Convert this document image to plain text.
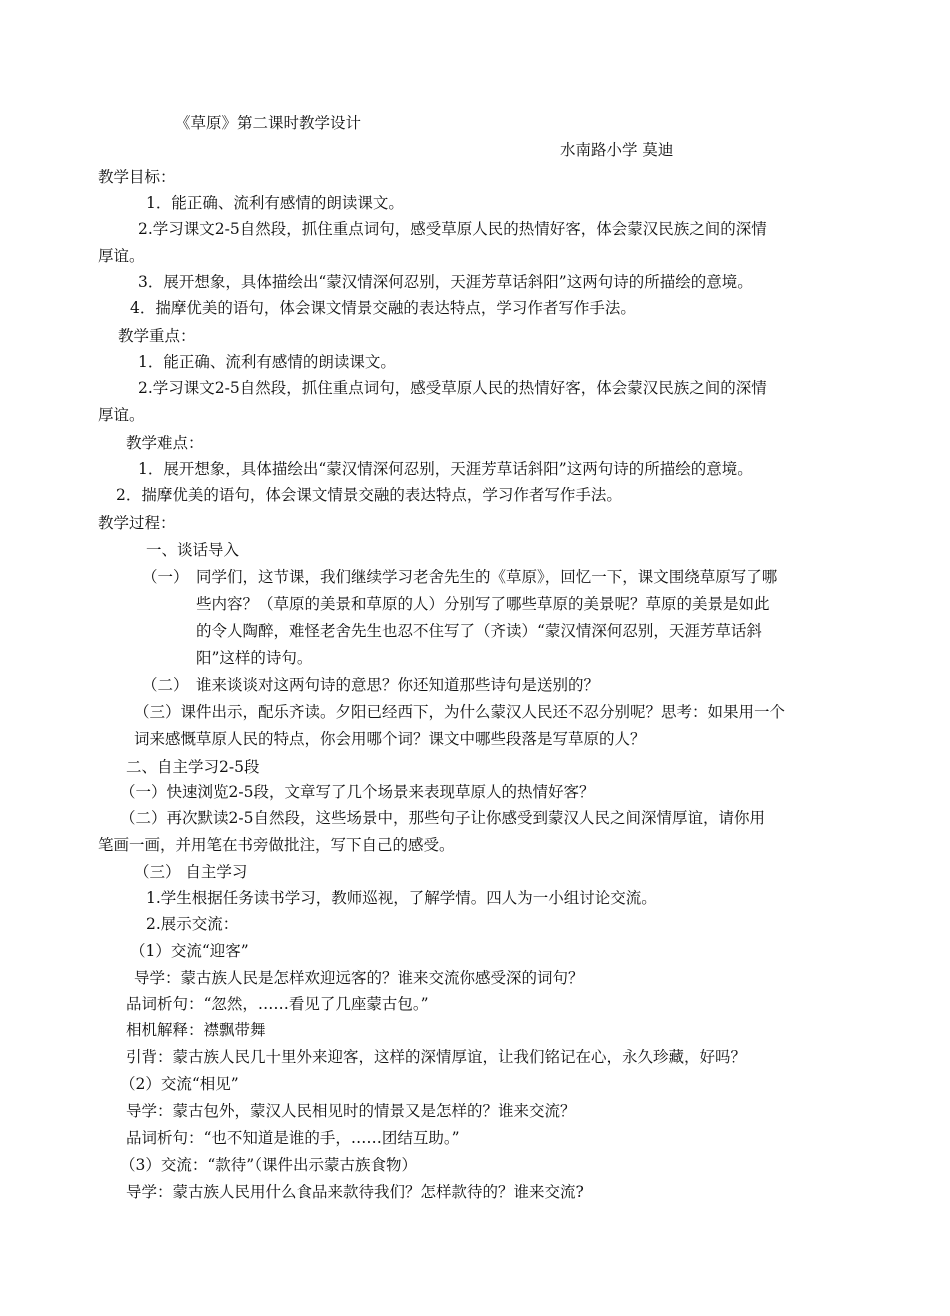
《草原》第二课时教学设计
水南路小学 莫迪
教学目标：
1．能正确、流利有感情的朗读课文。
2.学习课文2-5自然段，抓住重点词句，感受草原人民的热情好客，体会蒙汉民族之间的深情
厚谊。
3．展开想象，具体描绘出“蒙汉情深何忍别，天涯芳草话斜阳”这两句诗的所描绘的意境。
4．揣摩优美的语句，体会课文情景交融的表达特点，学习作者写作手法。
教学重点：
1．能正确、流利有感情的朗读课文。
2.学习课文2-5自然段，抓住重点词句，感受草原人民的热情好客，体会蒙汉民族之间的深情
厚谊。
教学难点：
1．展开想象，具体描绘出“蒙汉情深何忍别，天涯芳草话斜阳”这两句诗的所描绘的意境。
2．揣摩优美的语句，体会课文情景交融的表达特点，学习作者写作手法。
教学过程：
一、谈话导入
（一） 同学们，这节课，我们继续学习老舍先生的《草原》，回忆一下，课文围绕草原写了哪
些内容？（草原的美景和草原的人）分别写了哪些草原的美景呢？草原的美景是如此
的令人陶醉，难怪老舍先生也忍不住写了（齐读）“蒙汉情深何忍别，天涯芳草话斜
阳”这样的诗句。
（二） 谁来谈谈对这两句诗的意思？你还知道那些诗句是送别的？
（三）课件出示，配乐齐读。夕阳已经西下，为什么蒙汉人民还不忍分别呢？思考：如果用一个
词来感慨草原人民的特点，你会用哪个词？课文中哪些段落是写草原的人？
二、自主学习2-5段
（一）快速浏览2-5段，文章写了几个场景来表现草原人的热情好客？
（二）再次默读2-5自然段，这些场景中，那些句子让你感受到蒙汉人民之间深情厚谊，请你用
笔画一画，并用笔在书旁做批注，写下自己的感受。
（三） 自主学习
1.学生根据任务读书学习，教师巡视，了解学情。四人为一小组讨论交流。
2.展示交流：
（1）交流“迎客”
导学：蒙古族人民是怎样欢迎远客的？谁来交流你感受深的词句？
品词析句：“忽然，……看见了几座蒙古包。”
相机解释：襟飘带舞
引背：蒙古族人民几十里外来迎客，这样的深情厚谊，让我们铭记在心，永久珍藏，好吗？
（2）交流“相见”
导学：蒙古包外，蒙汉人民相见时的情景又是怎样的？谁来交流？
品词析句：“也不知道是谁的手，……团结互助。”
（3）交流：“款待”（课件出示蒙古族食物）
导学：蒙古族人民用什么食品来款待我们？怎样款待的？谁来交流?
